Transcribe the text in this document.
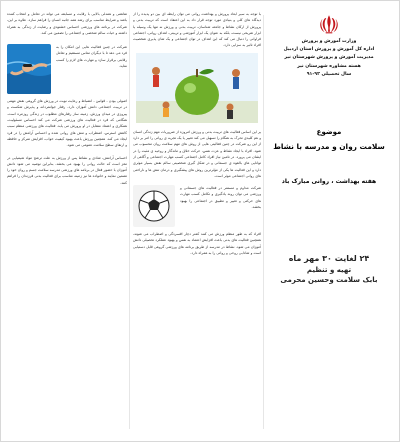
وزارت آموزش و پرورش
اداره کل آموزش و پرورش استان اردبیل
مدیریت آموزش و پرورش شهرستان نیر
هسته مشاوره شهرستان نیر
سال تحصیلی ۹۲-۹۱
موضوع
سلامت روان و مدرسه با نشاط
هفته بهداشت ، روانی مبارک باد
۲۴ لغایت ۳۰ مهر ماه
تهیه و تنظیم
بابک سلامت وحسین محرمی
با توجه به سیر ابعاد پرورش و بهداشت روانی می توان رابطه ای بین دو پدیده را از دیدگاه های کلی و بنیادی مورد توجه قرار داد به این اعتقاد است که تربیت بدنی و پرورش از ارکان نشاط و جامعه شناسان، تربیت بدنی و ورزش نه تنها یک وسیله یا ابزار تفریحی نیست، بلکه به عنوان یک ابزار آموزشی و تربیتی، اهداف روانی، اجتماعی فراوانی را دنبال می کند که این اهداف در توان اجتماعی و یک شان پذیری شخصیت افراد تاثیر به سزایی دارد.
یر این اساس فعالیت های تربیت بدنی و ورزش امروزه از ضروریات مهم زندگی انسان و هم کلیدی تحرک به هنگام را تسهیل می کند تغییر یا یک تجربه ی روانی را امر بر دارد از این رو شرکت در چنین فعالیتی هایی از روش های مهم سلامت روان محسوب می شود. افراد با ایجاد نشاط و عزت نفس، حرکت خلاق و ماندگار و روحیه ی مثبت را در ایشان می پرورد. در تامین نیاز افراد کامل اجتماعی کسب مهارت اجتماعی و آگاهی از توانایی های بالقوه ی جسمانی و در شکل گیری شخصیتی سالم نقش بسیار موثری دارد و این فعالیت ها یکی از مؤثرترین روش های پیشگیری و درمان تنش ها و ناراحتی های روانی اجتماعی موثر است.
شرکت مداوم و مستمر در فعالیت های جسمانی و ورزشی می توان روند یادگیری و تکامل کسب مهارت های حرکتی و تغییر و تطبیق در اجتماعی را بهبود بخشد.
افراد که به طور منظم ورزش می کنند کمتر دچار افسردگی و اضطراب می شوند، همچنین فعالیت های بدنی باعث افزایش اعتماد به نفس و بهبود عملکرد تحصیلی دانش آموزان می شود. نشاط در مدرسه از طریق برنامه های ورزشی گروهی قابل دستیابی است و شادابی روحی و روانی را به همراه دارد.
تفاهمی و همدلی بالایی با رقابت و مسابقه می تواند در تعامل و انتخاب کننده باشد و شرایط مناسب برای رشد همه جانبه انسان را فراهم سازد. علاوه بر این، شرکت در برنامه های ورزشی احساس خشنودی و رضایت از زندگی به همراه داشته و حیات سالم شخصی و اجتماعی را تضمین می کند.
شرکت در چنین فعالیت هایی این امکان را به فرد می دهد تا با دیگران تماس مستقیم و تعامل رقابتی برقرار سازد و مهارت های لازم را کسب نماید.
اصولی بودن ، قوانین ، انضباط و رعایت نوبت در ورزش های گروهی نقش مهمی در تربیت اجتماعی دانش آموزان دارد. رفتار جوانمردانه و پذیرش شکست و پیروزی در میدان ورزش، زمینه ساز رفتارهای مطلوب در زندگی روزمره است. هنگامی که فرد در فعالیت های ورزشی شرکت می کند احساس مسئولیت، همکاری و اعتماد متقابل در او پرورش می یابد. فعالیت های ورزشی منظم سبب کاهش استرس، اضطراب و تنش های روانی شده و احساس آرامش را در فرد ایجاد می کند. همچنین ورزش باعث بهبود کیفیت خواب، افزایش تمرکز و حافظه و ارتقای سطح سلامت عمومی می شود.
احساس آرامش، شادی و نشاط پس از ورزش به علت ترشح مواد شیمیایی در مغز است که حالت روانی را بهبود می بخشد. بنابراین توصیه می شود دانش آموزان با حضور فعال در برنامه های ورزشی مدرسه سلامت جسم و روان خود را تضمین نمایند و خانواده ها نیز زمینه مناسب برای فعالیت بدنی فرزندان را فراهم کنند.
